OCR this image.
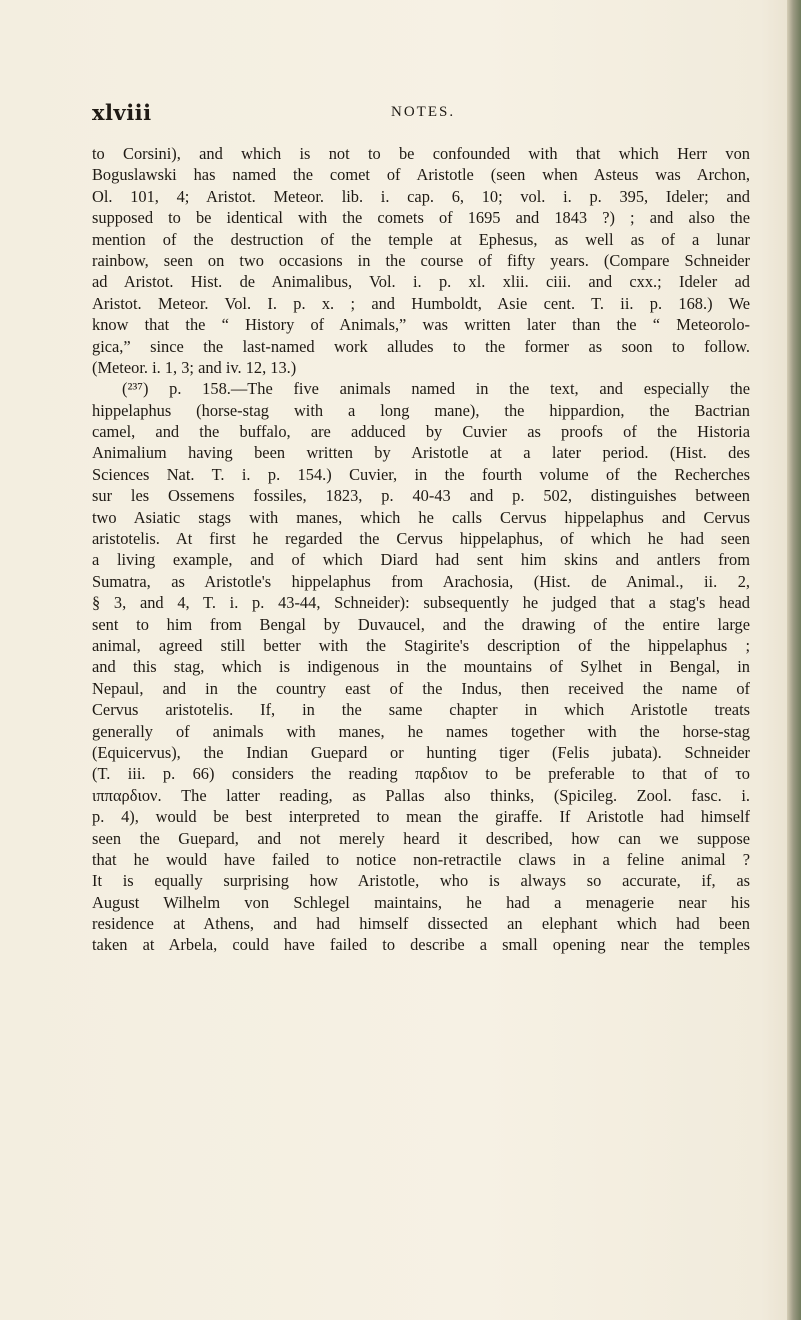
xlviii	NOTES.
to Corsini), and which is not to be confounded with that which Herr von
Boguslawski has named the comet of Aristotle (seen when Asteus was Archon,
Ol. 101, 4; Aristot. Meteor. lib. i. cap. 6, 10; vol. i. p. 395, Ideler; and
supposed to be identical with the comets of 1695 and 1843 ?) ; and also the
mention of the destruction of the temple at Ephesus, as well as of a lunar
rainbow, seen on two occasions in the course of fifty years. (Compare Schneider
ad Aristot. Hist. de Animalibus, Vol. i. p. xl. xlii. ciii. and cxx.; Ideler ad
Aristot. Meteor. Vol. I. p. x. ; and Humboldt, Asie cent. T. ii. p. 168.) We
know that the “ History of Animals,” was written later than the “ Meteorolo-
gica,” since the last-named work alludes to the former as soon to follow.
(Meteor. i. 1, 3; and iv. 12, 13.)
(²³⁷) p. 158.—The five animals named in the text, and especially the
hippelaphus (horse-stag with a long mane), the hippardion, the Bactrian
camel, and the buffalo, are adduced by Cuvier as proofs of the Historia
Animalium having been written by Aristotle at a later period. (Hist. des
Sciences Nat. T. i. p. 154.) Cuvier, in the fourth volume of the Recherches
sur les Ossemens fossiles, 1823, p. 40-43 and p. 502, distinguishes between
two Asiatic stags with manes, which he calls Cervus hippelaphus and Cervus
aristotelis. At first he regarded the Cervus hippelaphus, of which he had seen
a living example, and of which Diard had sent him skins and antlers from
Sumatra, as Aristotle's hippelaphus from Arachosia, (Hist. de Animal., ii. 2,
§ 3, and 4, T. i. p. 43-44, Schneider): subsequently he judged that a stag's head
sent to him from Bengal by Duvaucel, and the drawing of the entire large
animal, agreed still better with the Stagirite's description of the hippelaphus ;
and this stag, which is indigenous in the mountains of Sylhet in Bengal, in
Nepaul, and in the country east of the Indus, then received the name of
Cervus aristotelis. If, in the same chapter in which Aristotle treats
generally of animals with manes, he names together with the horse-stag
(Equicervus), the Indian Guepard or hunting tiger (Felis jubata). Schneider
(T. iii. p. 66) considers the reading παρδιον to be preferable to that of το
ιππαρδιον. The latter reading, as Pallas also thinks, (Spicileg. Zool. fasc. i.
p. 4), would be best interpreted to mean the giraffe. If Aristotle had himself
seen the Guepard, and not merely heard it described, how can we suppose
that he would have failed to notice non-retractile claws in a feline animal ?
It is equally surprising how Aristotle, who is always so accurate, if, as
August Wilhelm von Schlegel maintains, he had a menagerie near his
residence at Athens, and had himself dissected an elephant which had been
taken at Arbela, could have failed to describe a small opening near the temples
